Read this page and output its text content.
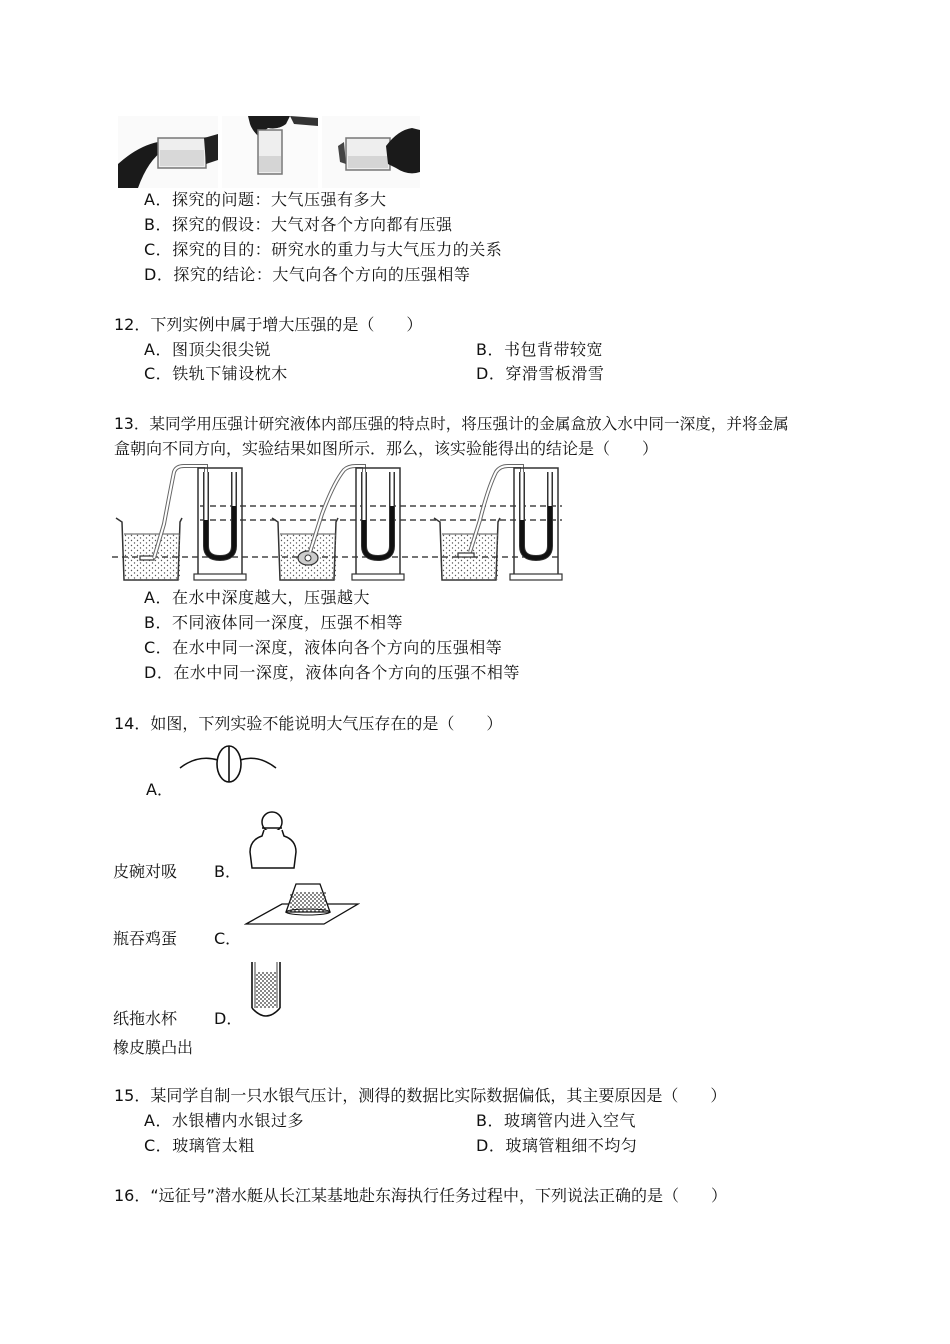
A．探究的问题：大气压强有多大
B．探究的假设：大气对各个方向都有压强
C．探究的目的：研究水的重力与大气压力的关系
D．探究的结论：大气向各个方向的压强相等
12．下列实例中属于增大压强的是（　　）
A．图顶尖很尖锐	B．书包背带较宽
C．铁轨下铺设枕木	D．穿滑雪板滑雪
13．某同学用压强计研究液体内部压强的特点时，将压强计的金属盒放入水中同一深度，并将金属
盒朝向不同方向，实验结果如图所示．那么，该实验能得出的结论是（　　）
A．在水中深度越大，压强越大
B．不同液体同一深度，压强不相等
C．在水中同一深度，液体向各个方向的压强相等
D．在水中同一深度，液体向各个方向的压强不相等
14．如图，下列实验不能说明大气压存在的是（　　）
A．
皮碗对吸 B．
瓶吞鸡蛋 C．
纸拖水杯 D．
橡皮膜凸出
15．某同学自制一只水银气压计，测得的数据比实际数据偏低，其主要原因是（　　）
A．水银槽内水银过多	B．玻璃管内进入空气
C．玻璃管太粗	D．玻璃管粗细不均匀
16．“远征号”潜水艇从长江某基地赴东海执行任务过程中，下列说法正确的是（　　）
